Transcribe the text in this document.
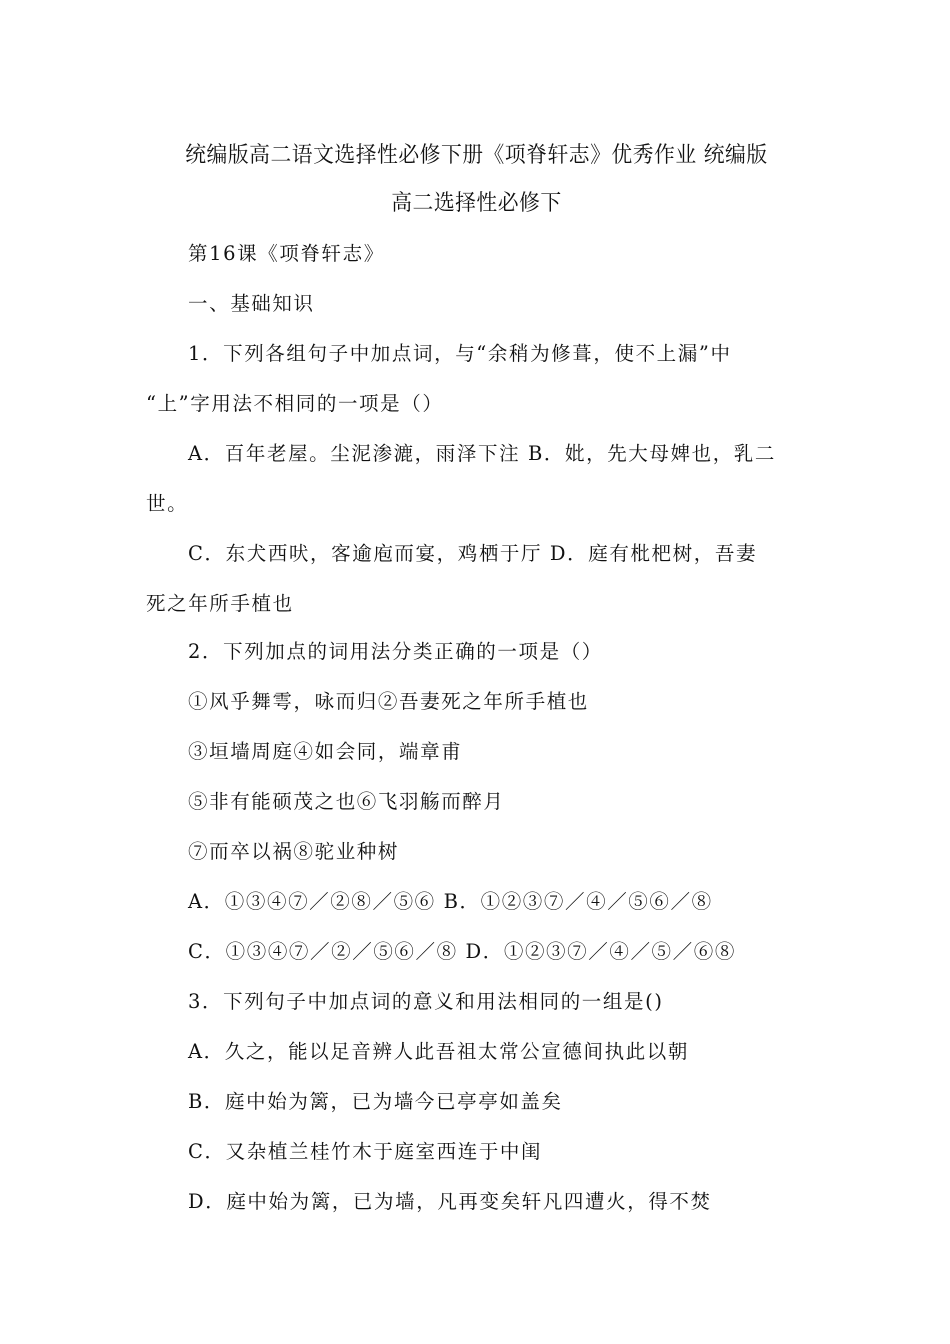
统编版高二语文选择性必修下册《项脊轩志》优秀作业 统编版
高二选择性必修下
第16课《项脊轩志》
一、基础知识
1．下列各组句子中加点词，与“余稍为修葺，使不上漏”中
“上”字用法不相同的一项是（）
A．百年老屋。尘泥渗漉，雨泽下注 B．妣，先大母婢也，乳二
世。
C．东犬西吠，客逾庖而宴，鸡栖于厅 D．庭有枇杷树，吾妻
死之年所手植也
2．下列加点的词用法分类正确的一项是（）
①风乎舞雩，咏而归②吾妻死之年所手植也
③垣墙周庭④如会同，端章甫
⑤非有能硕茂之也⑥飞羽觞而醉月
⑦而卒以祸⑧驼业种树
A．①③④⑦／②⑧／⑤⑥ B．①②③⑦／④／⑤⑥／⑧
C．①③④⑦／②／⑤⑥／⑧ D．①②③⑦／④／⑤／⑥⑧
3．下列句子中加点词的意义和用法相同的一组是()
A．久之，能以足音辨人此吾祖太常公宣德间执此以朝
B．庭中始为篱，已为墙今已亭亭如盖矣
C．又杂植兰桂竹木于庭室西连于中闺
D．庭中始为篱，已为墙，凡再变矣轩凡四遭火，得不焚
